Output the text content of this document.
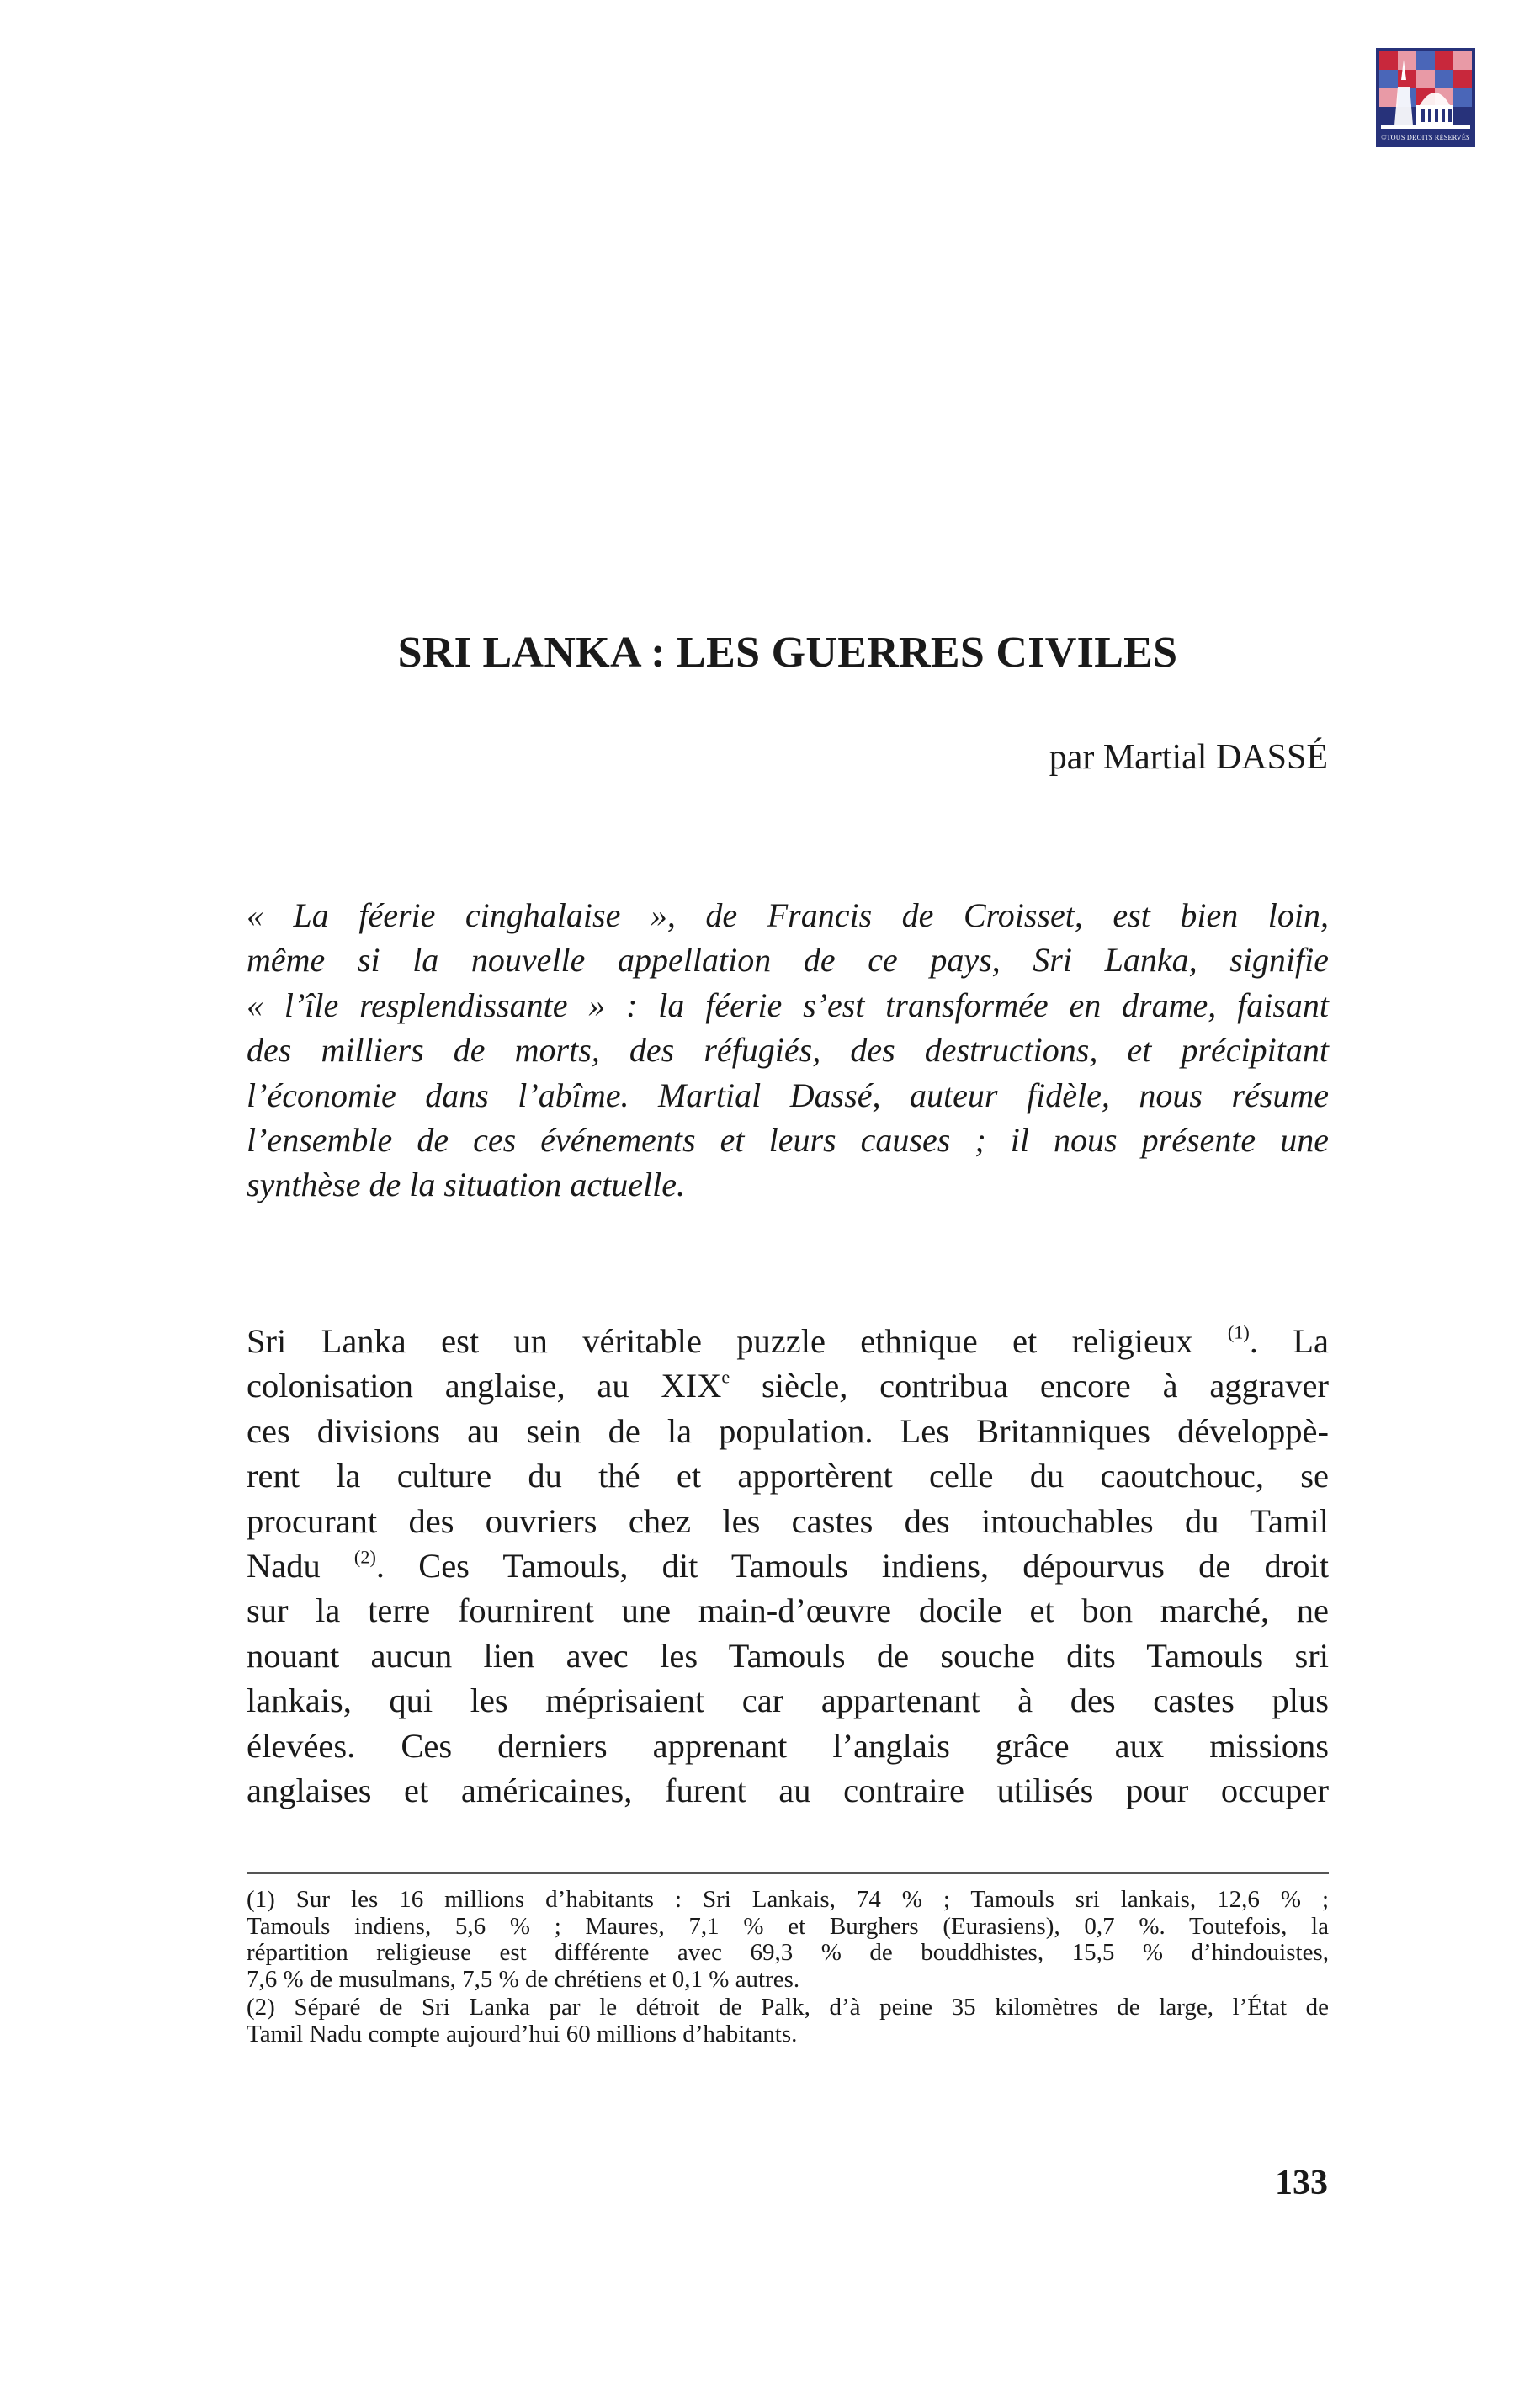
©TOUS DROITS RÉSERVÉS
SRI LANKA : LES GUERRES CIVILES

par Martial DASSÉ

« La féerie cinghalaise », de Francis de Croisset, est bien loin,
même si la nouvelle appellation de ce pays, Sri Lanka, signifie
« l’île resplendissante » : la féerie s’est transformée en drame, faisant
des milliers de morts, des réfugiés, des destructions, et précipitant
l’économie dans l’abîme. Martial Dassé, auteur fidèle, nous résume
l’ensemble de ces événements et leurs causes ; il nous présente une
synthèse de la situation actuelle.
Sri Lanka est un véritable puzzle ethnique et religieux $^{(1)}$. La
colonisation anglaise, au XIXe siècle, contribua encore à aggraver
ces divisions au sein de la population. Les Britanniques développè-
rent la culture du thé et apportèrent celle du caoutchouc, se
procurant des ouvriers chez les castes des intouchables du Tamil
Nadu $^{(2)}$. Ces Tamouls, dit Tamouls indiens, dépourvus de droit
sur la terre fournirent une main-d’œuvre docile et bon marché, ne
nouant aucun lien avec les Tamouls de souche dits Tamouls sri
lankais, qui les méprisaient car appartenant à des castes plus
élevées. Ces derniers apprenant l’anglais grâce aux missions
anglaises et américaines, furent au contraire utilisés pour occuper
(1) Sur les 16 millions d’habitants : Sri Lankais, 74 % ; Tamouls sri lankais, 12,6 % ;
Tamouls indiens, 5,6 % ; Maures, 7,1 % et Burghers (Eurasiens), 0,7 %. Toutefois, la
répartition religieuse est différente avec 69,3 % de bouddhistes, 15,5 % d’hindouistes,
7,6 % de musulmans, 7,5 % de chrétiens et 0,1 % autres.
(2) Séparé de Sri Lanka par le détroit de Palk, d’à peine 35 kilomètres de large, l’État de
Tamil Nadu compte aujourd’hui 60 millions d’habitants.
133
